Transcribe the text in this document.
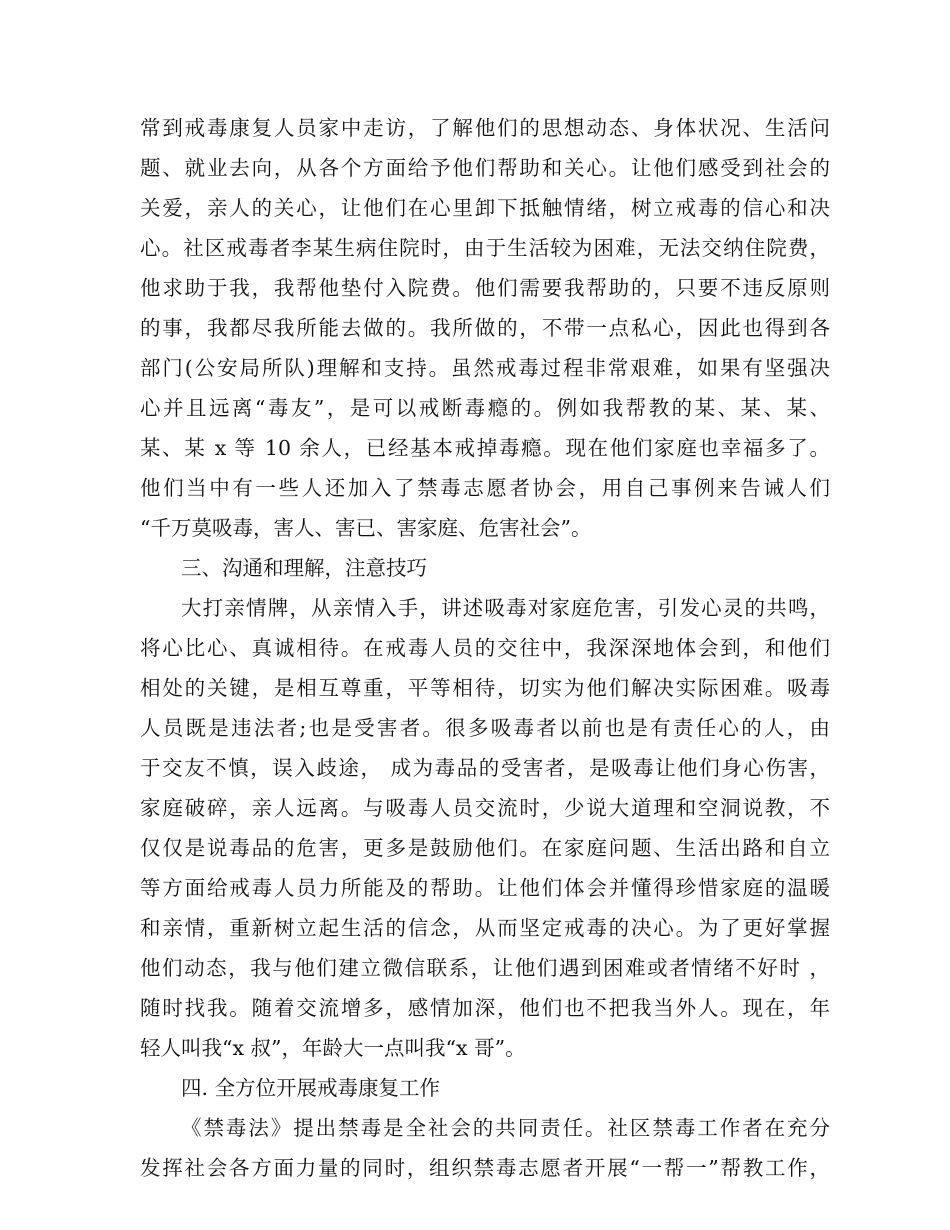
常到戒毒康复人员家中走访，了解他们的思想动态、身体状况、生活问
题、就业去向，从各个方面给予他们帮助和关心。让他们感受到社会的
关爱，亲人的关心，让他们在心里卸下抵触情绪，树立戒毒的信心和决
心。社区戒毒者李某生病住院时，由于生活较为困难，无法交纳住院费，
他求助于我，我帮他垫付入院费。他们需要我帮助的，只要不违反原则
的事，我都尽我所能去做的。我所做的，不带一点私心，因此也得到各
部门(公安局所队)理解和支持。虽然戒毒过程非常艰难，如果有坚强决
心并且远离“毒友”，是可以戒断毒瘾的。例如我帮教的某、某、某、
某、某 x 等 10 余人，已经基本戒掉毒瘾。现在他们家庭也幸福多了。
他们当中有一些人还加入了禁毒志愿者协会，用自己事例来告诫人们
“千万莫吸毒，害人、害已、害家庭、危害社会”。
三、沟通和理解，注意技巧
大打亲情牌，从亲情入手，讲述吸毒对家庭危害，引发心灵的共鸣，
将心比心、真诚相待。在戒毒人员的交往中，我深深地体会到，和他们
相处的关键，是相互尊重，平等相待，切实为他们解决实际困难。吸毒
人员既是违法者;也是受害者。很多吸毒者以前也是有责任心的人，由
于交友不慎，误入歧途， 成为毒品的受害者，是吸毒让他们身心伤害，
家庭破碎，亲人远离。与吸毒人员交流时，少说大道理和空洞说教，不
仅仅是说毒品的危害，更多是鼓励他们。在家庭问题、生活出路和自立
等方面给戒毒人员力所能及的帮助。让他们体会并懂得珍惜家庭的温暖
和亲情，重新树立起生活的信念，从而坚定戒毒的决心。为了更好掌握
他们动态，我与他们建立微信联系，让他们遇到困难或者情绪不好时 ，
随时找我。随着交流增多，感情加深，他们也不把我当外人。现在，年
轻人叫我“x 叔”，年龄大一点叫我“x 哥”。
四. 全方位开展戒毒康复工作
《禁毒法》提出禁毒是全社会的共同责任。社区禁毒工作者在充分
发挥社会各方面力量的同时，组织禁毒志愿者开展“一帮一”帮教工作，
